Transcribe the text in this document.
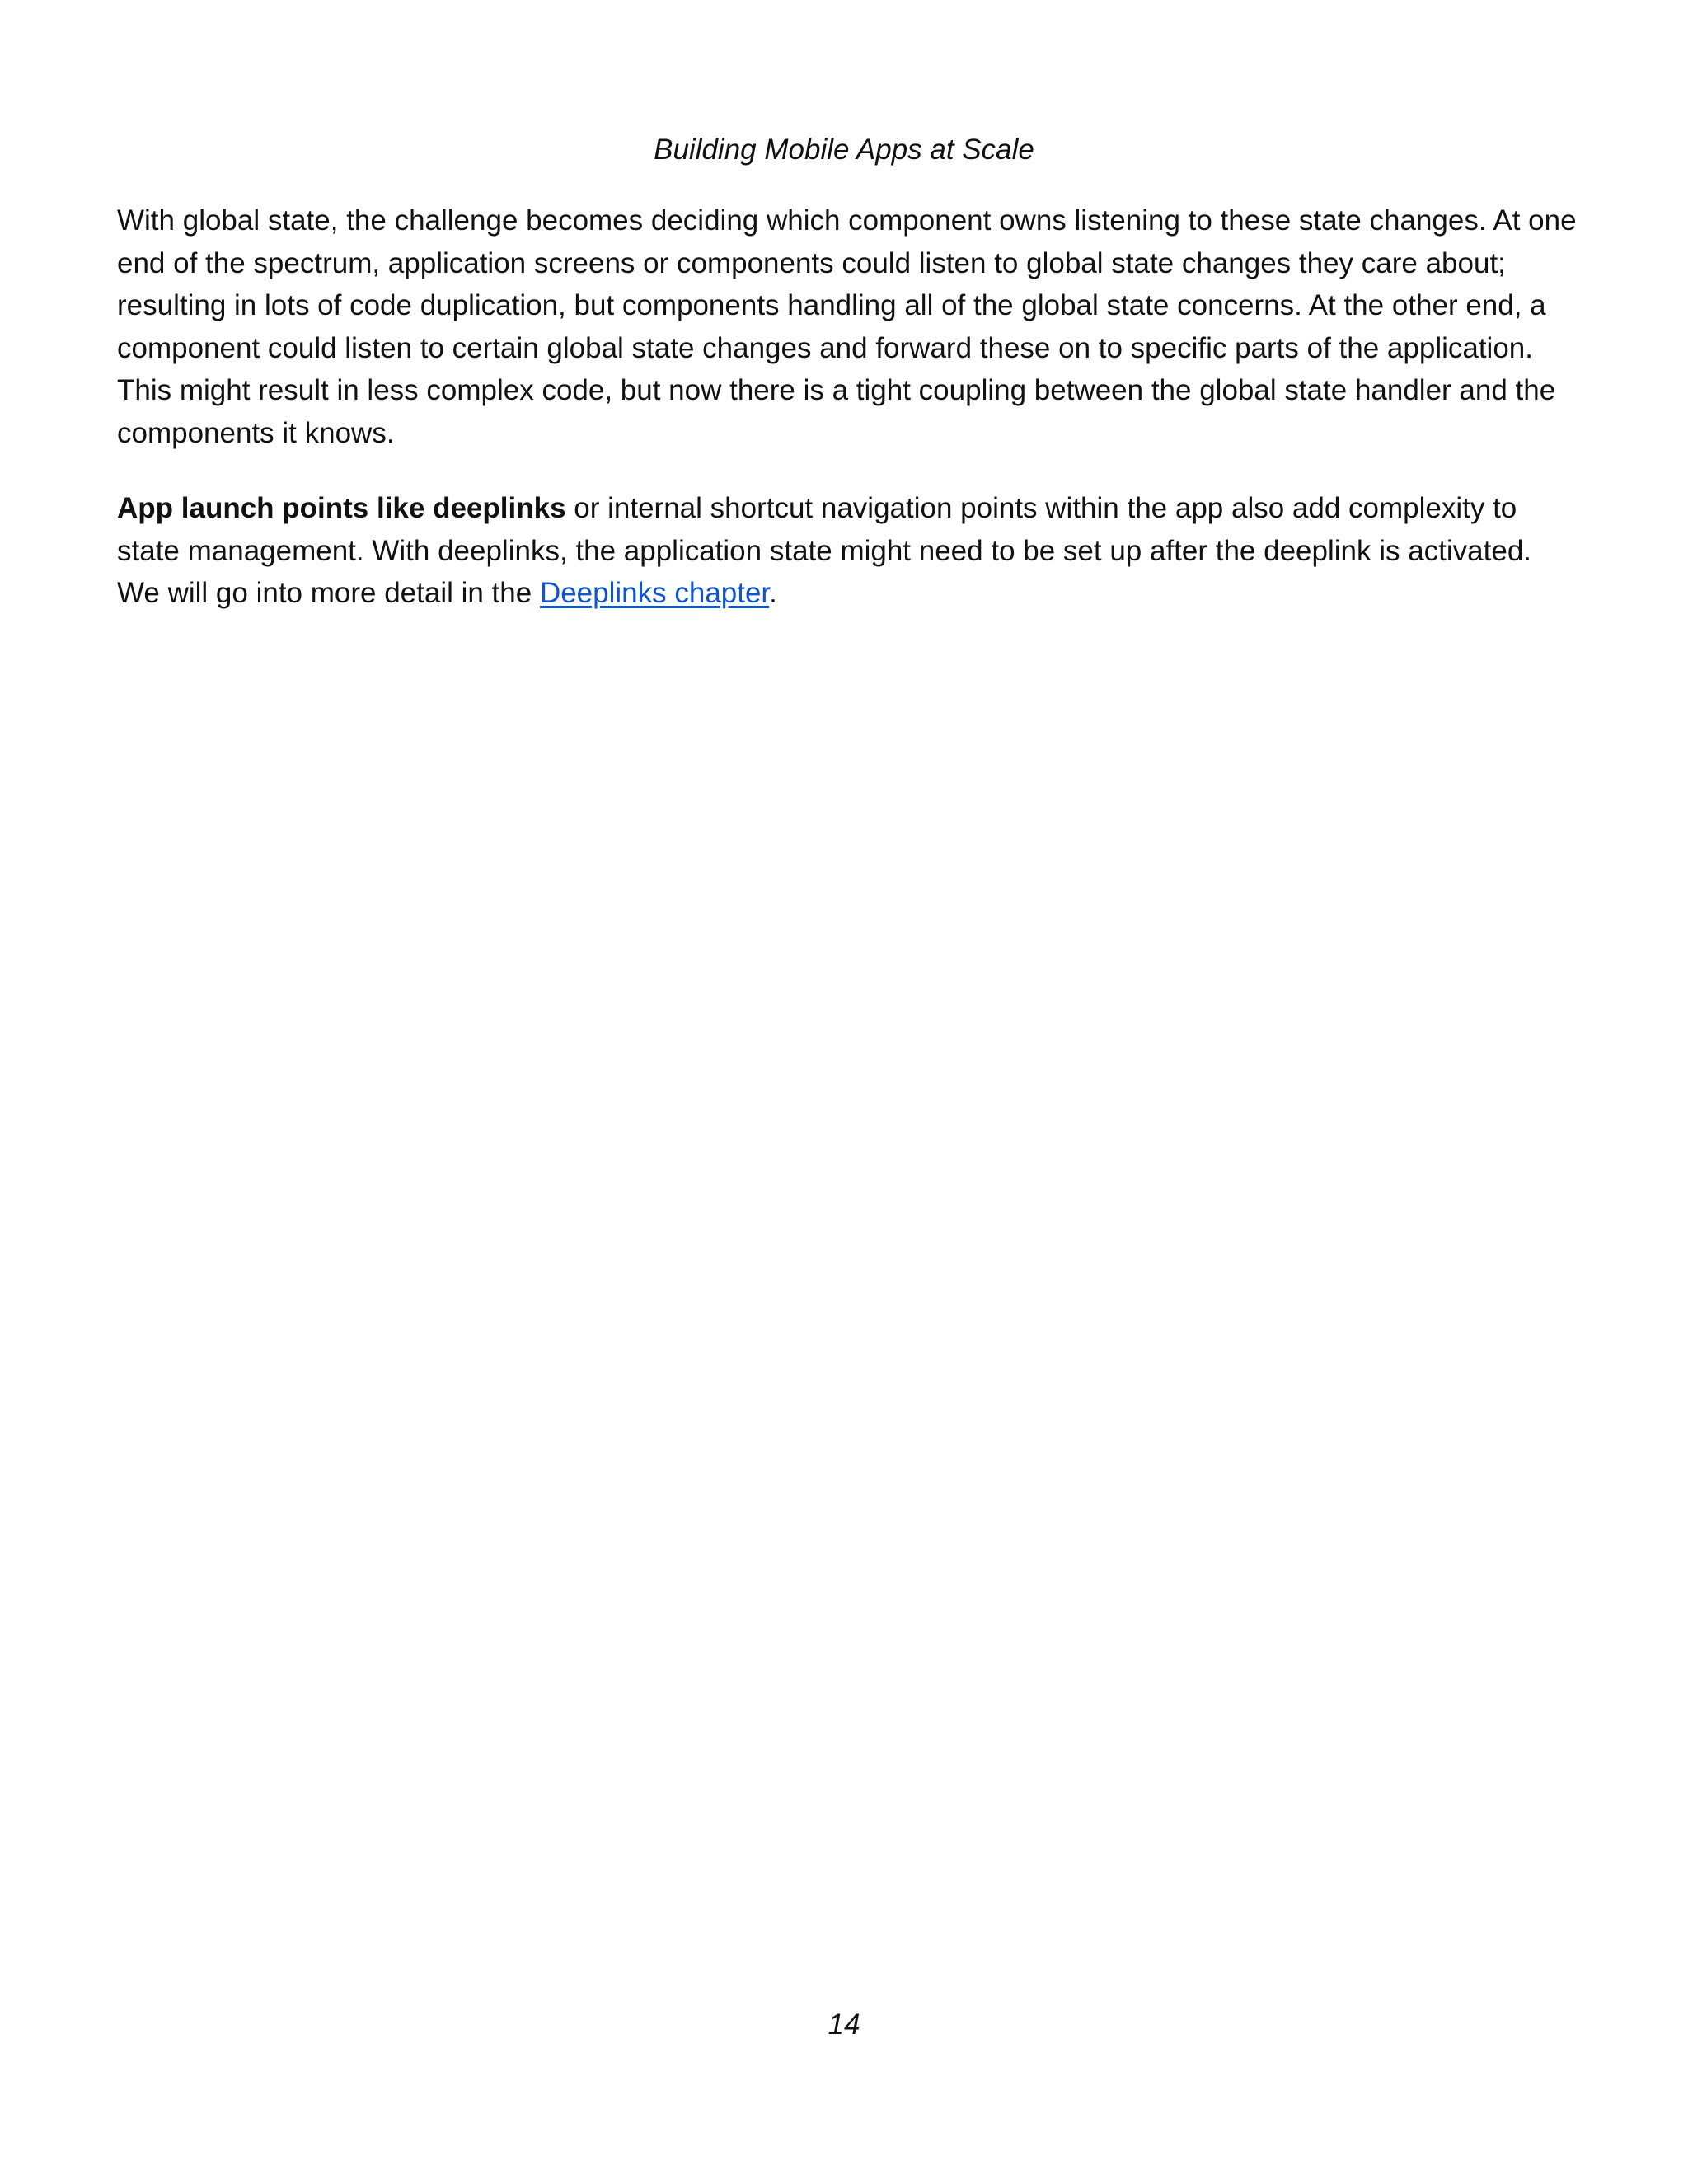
Building Mobile Apps at Scale

With global state, the challenge becomes deciding which component owns listening to these state changes. At one end of the spectrum, application screens or components could listen to global state changes they care about; resulting in lots of code duplication, but components handling all of the global state concerns. At the other end, a component could listen to certain global state changes and forward these on to specific parts of the application. This might result in less complex code, but now there is a tight coupling between the global state handler and the components it knows.

App launch points like deeplinks or internal shortcut navigation points within the app also add complexity to state management. With deeplinks, the application state might need to be set up after the deeplink is activated. We will go into more detail in the Deeplinks chapter.

14
